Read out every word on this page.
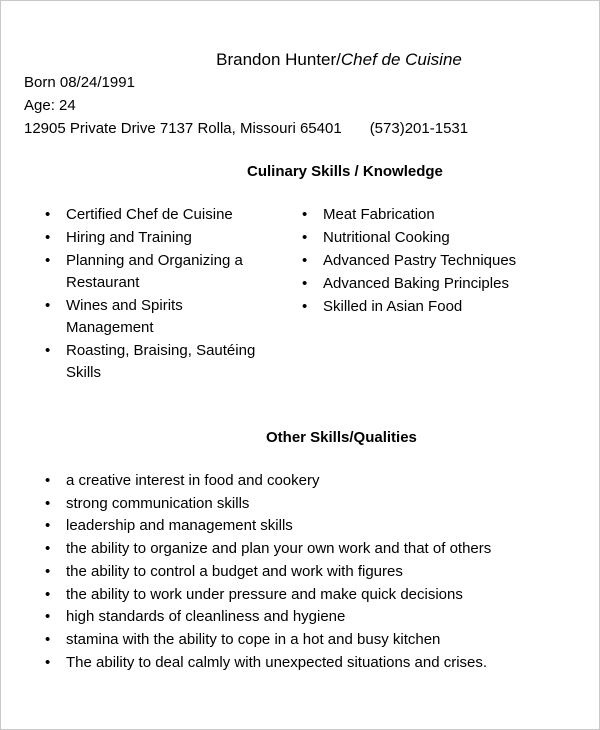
Brandon Hunter/Chef de Cuisine
Born 08/24/1991
Age: 24
12905 Private Drive 7137 Rolla, Missouri 65401 (573)201-1531
Culinary Skills / Knowledge
• Certified Chef de Cuisine
• Hiring and Training
• Planning and Organizing a Restaurant
• Wines and Spirits Management
• Roasting, Braising, Sautéing Skills
• Meat Fabrication
• Nutritional Cooking
• Advanced Pastry Techniques
• Advanced Baking Principles
• Skilled in Asian Food
Other Skills/Qualities
• a creative interest in food and cookery
• strong communication skills
• leadership and management skills
• the ability to organize and plan your own work and that of others
• the ability to control a budget and work with figures
• the ability to work under pressure and make quick decisions
• high standards of cleanliness and hygiene
• stamina with the ability to cope in a hot and busy kitchen
• The ability to deal calmly with unexpected situations and crises.
